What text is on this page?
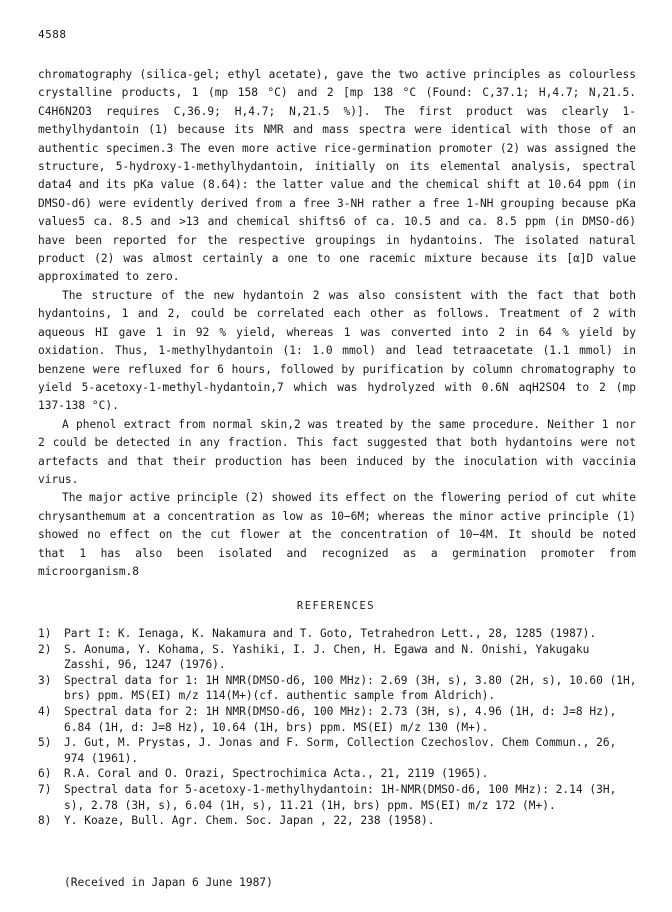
4588

chromatography (silica-gel; ethyl acetate), gave the two active principles as colourless crystalline products, 1 (mp 158 °C) and 2 [mp 138 °C (Found: C,37.1; H,4.7; N,21.5. C4H6N2O3 requires C,36.9; H,4.7; N,21.5 %)]. The first product was clearly 1-methylhydantoin (1) because its NMR and mass spectra were identical with those of an authentic specimen.3 The even more active rice-germination promoter (2) was assigned the structure, 5-hydroxy-1-methylhydantoin, initially on its elemental analysis, spectral data4 and its pKa value (8.64): the latter value and the chemical shift at 10.64 ppm (in DMSO-d6) were evidently derived from a free 3-NH rather a free 1-NH grouping because pKa values5 ca. 8.5 and >13 and chemical shifts6 of ca. 10.5 and ca. 8.5 ppm (in DMSO-d6) have been reported for the respective groupings in hydantoins. The isolated natural product (2) was almost certainly a one to one racemic mixture because its [α]D value approximated to zero.

The structure of the new hydantoin 2 was also consistent with the fact that both hydantoins, 1 and 2, could be correlated each other as follows. Treatment of 2 with aqueous HI gave 1 in 92 % yield, whereas 1 was converted into 2 in 64 % yield by oxidation. Thus, 1-methylhydantoin (1: 1.0 mmol) and lead tetraacetate (1.1 mmol) in benzene were refluxed for 6 hours, followed by purification by column chromatography to yield 5-acetoxy-1-methyl-hydantoin,7 which was hydrolyzed with 0.6N aqH2SO4 to 2 (mp 137-138 °C).

A phenol extract from normal skin,2 was treated by the same procedure. Neither 1 nor 2 could be detected in any fraction. This fact suggested that both hydantoins were not artefacts and that their production has been induced by the inoculation with vaccinia virus.

The major active principle (2) showed its effect on the flowering period of cut white chrysanthemum at a concentration as low as 10−6M; whereas the minor active principle (1) showed no effect on the cut flower at the concentration of 10−4M. It should be noted that 1 has also been isolated and recognized as a germination promoter from microorganism.8

REFERENCES
1)	Part I: K. Ienaga, K. Nakamura and T. Goto, Tetrahedron Lett., 28, 1285 (1987).
2)	S. Aonuma, Y. Kohama, S. Yashiki, I. J. Chen, H. Egawa and N. Onishi, Yakugaku Zasshi, 96, 1247 (1976).
3)	Spectral data for 1: 1H NMR(DMSO-d6, 100 MHz): 2.69 (3H, s), 3.80 (2H, s), 10.60 (1H, brs) ppm. MS(EI) m/z 114(M+)(cf. authentic sample from Aldrich).
4)	Spectral data for 2: 1H NMR(DMSO-d6, 100 MHz): 2.73 (3H, s), 4.96 (1H, d: J=8 Hz), 6.84 (1H, d: J=8 Hz), 10.64 (1H, brs) ppm. MS(EI) m/z 130 (M+).
5)	J. Gut, M. Prystas, J. Jonas and F. Sorm, Collection Czechoslov. Chem Commun., 26, 974 (1961).
6)	R.A. Coral and O. Orazi, Spectrochimica Acta., 21, 2119 (1965).
7)	Spectral data for 5-acetoxy-1-methylhydantoin: 1H-NMR(DMSO-d6, 100 MHz): 2.14 (3H, s), 2.78 (3H, s), 6.04 (1H, s), 11.21 (1H, brs) ppm. MS(EI) m/z 172 (M+).
8)	Y. Koaze, Bull. Agr. Chem. Soc. Japan , 22, 238 (1958).
(Received in Japan 6 June 1987)
